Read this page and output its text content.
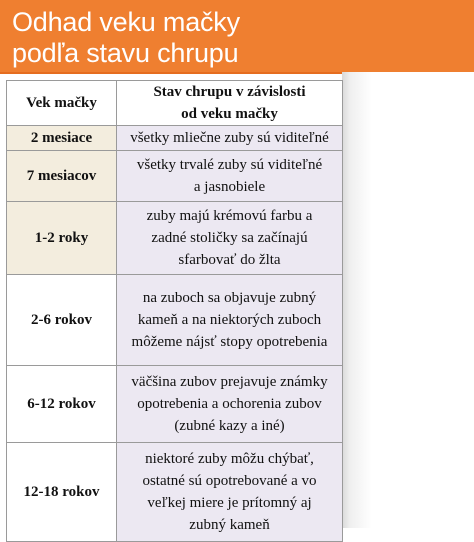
Odhad veku mačky
podľa stavu chrupu
Vek mačky	Stav chrupu v závislosti
od veku mačky

2 mesiace	všetky mliečne zuby sú viditeľné

7 mesiacov	všetky trvalé zuby sú viditeľné
a jasnobiele

1-2 roky	zuby majú krémovú farbu a
zadné stoličky sa začínajú
sfarbovať do žlta

2-6 rokov	na zuboch sa objavuje zubný
kameň a na niektorých zuboch
môžeme nájsť stopy opotrebenia

6-12 rokov	väčšina zubov prejavuje známky
opotrebenia a ochorenia zubov
(zubné kazy a iné)

12-18 rokov	niektoré zuby môžu chýbať,
ostatné sú opotrebované a vo
veľkej miere je prítomný aj
zubný kameň
